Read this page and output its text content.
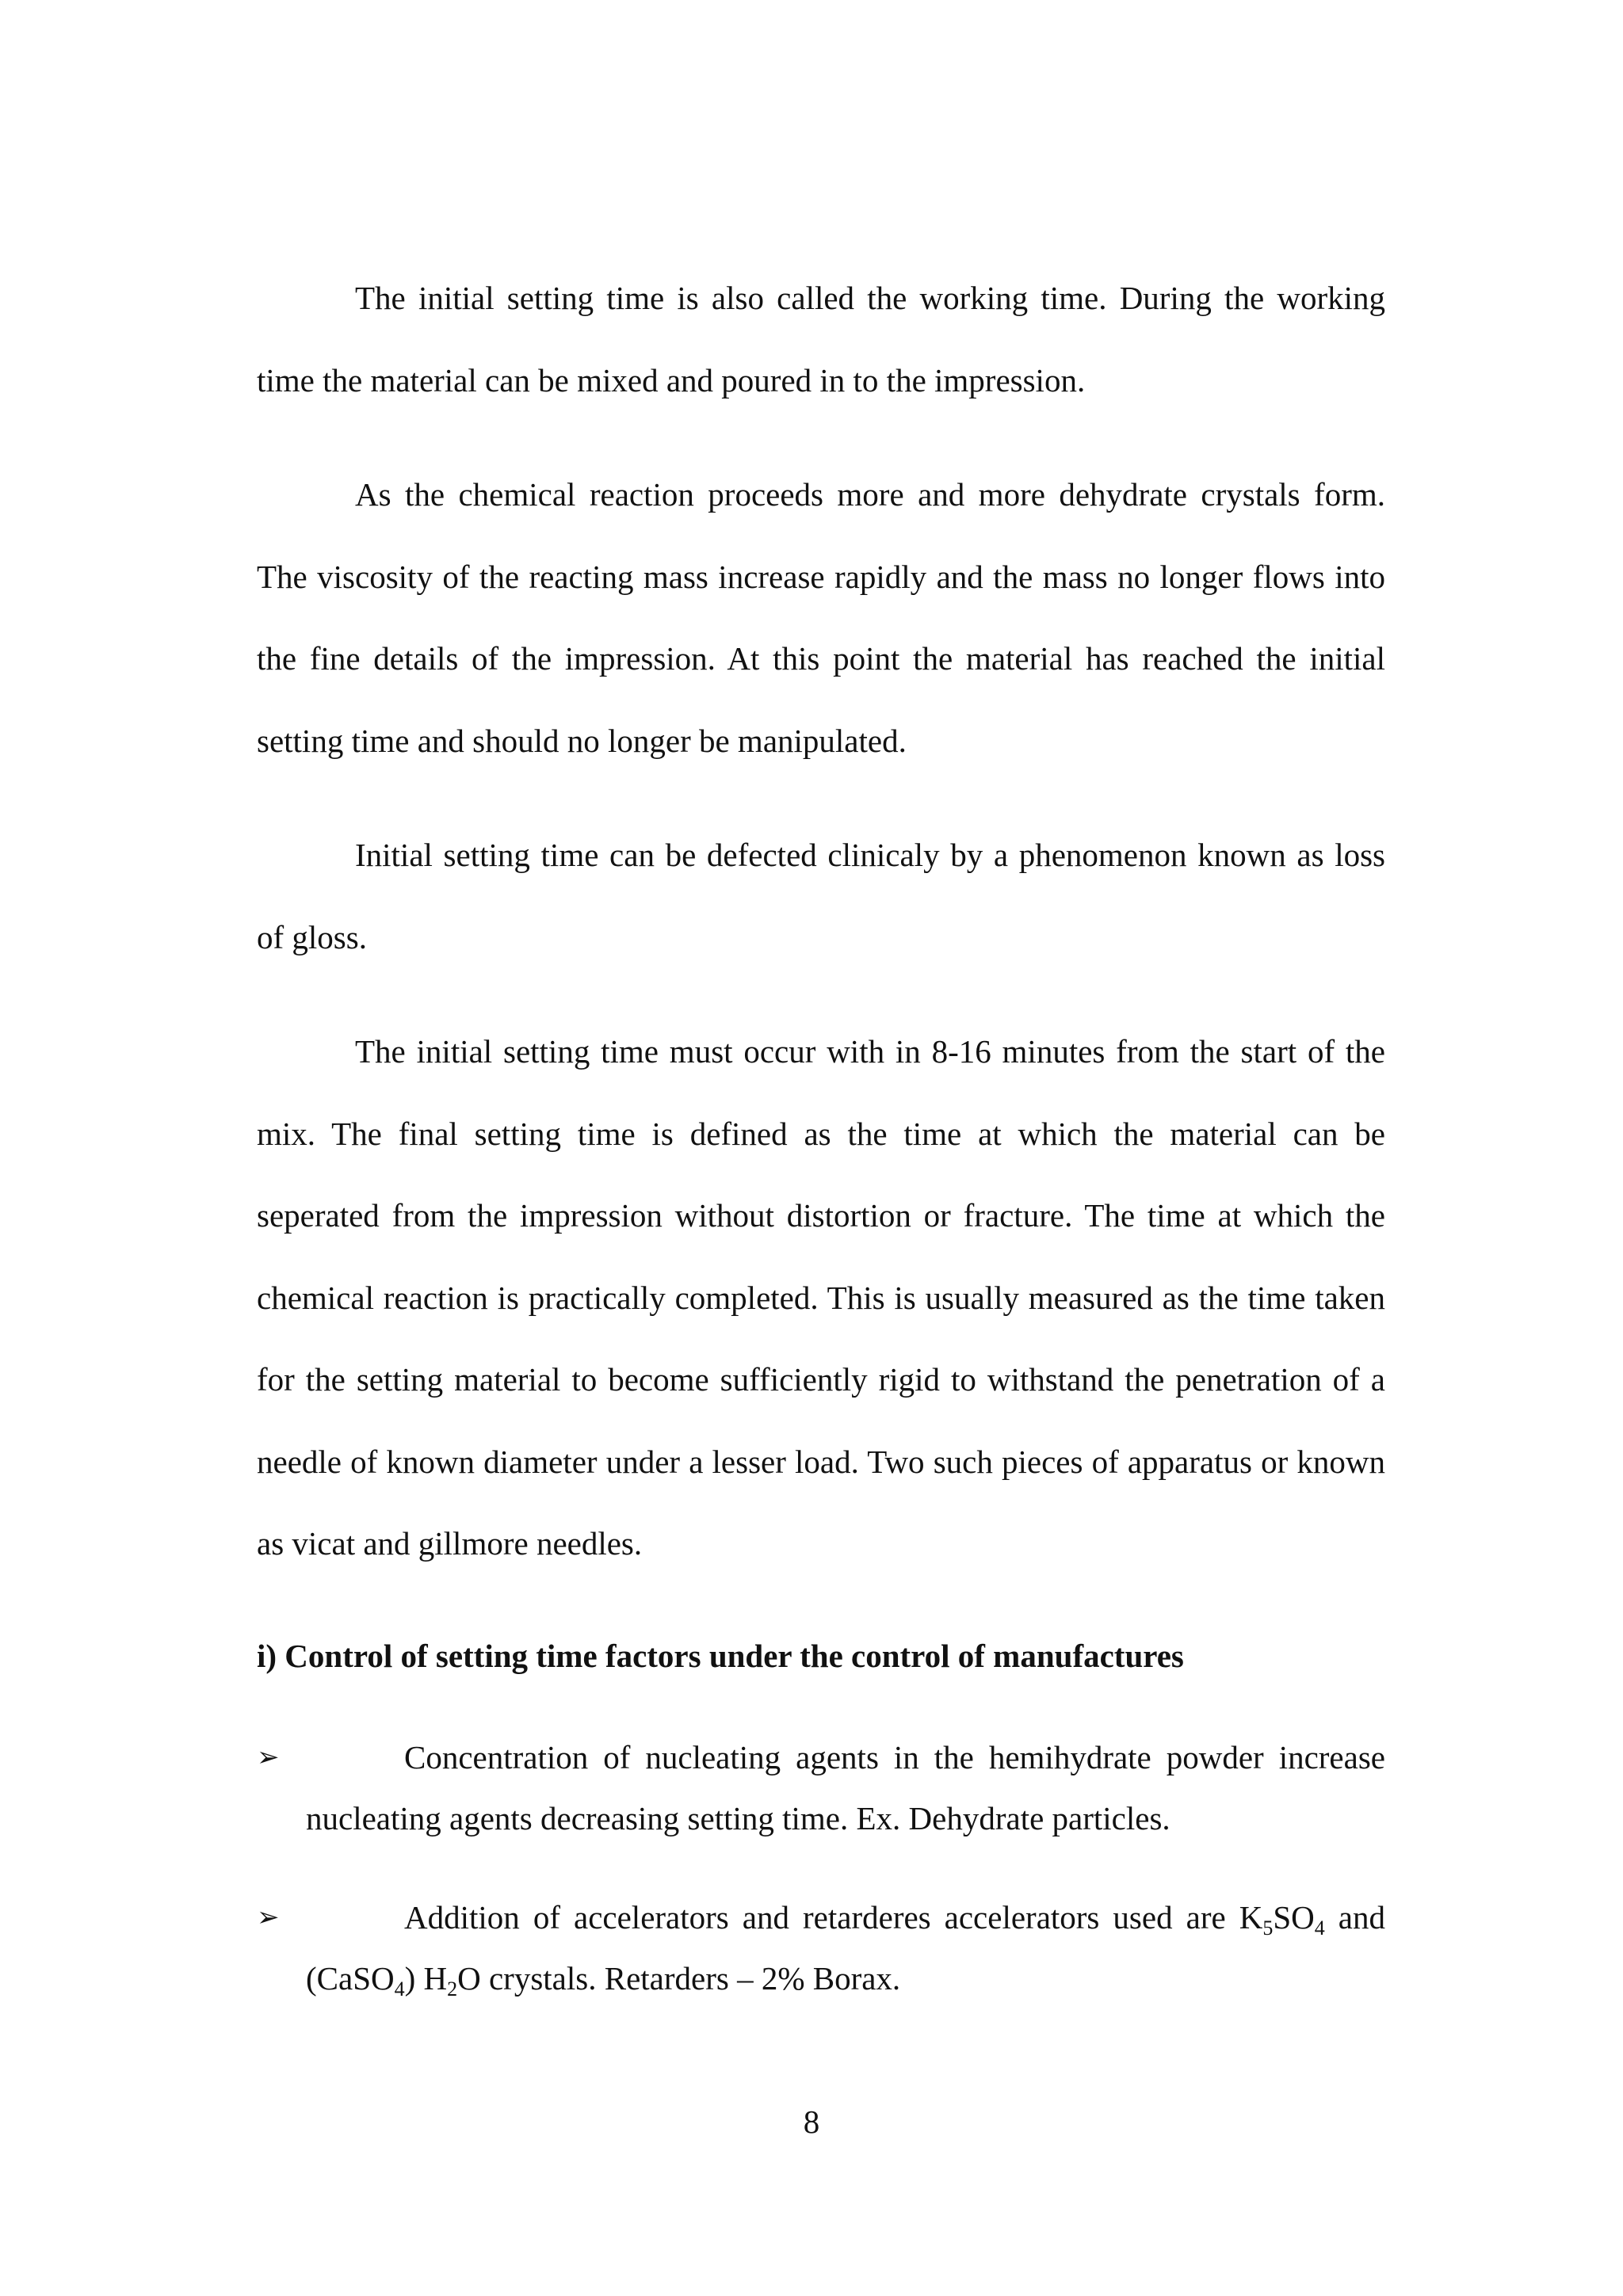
The initial setting time is also called the working time. During the working time the material can be mixed and poured in to the impression.

As the chemical reaction proceeds more and more dehydrate crystals form. The viscosity of the reacting mass increase rapidly and the mass no longer flows into the fine details of the impression. At this point the material has reached the initial setting time and should no longer be manipulated.

Initial setting time can be defected clinicaly by a phenomenon known as loss of gloss.

The initial setting time must occur with in 8-16 minutes from the start of the mix. The final setting time is defined as the time at which the material can be seperated from the impression without distortion or fracture. The time at which the chemical reaction is practically completed. This is usually measured as the time taken for the setting material to become sufficiently rigid to withstand the penetration of a needle of known diameter under a lesser load. Two such pieces of apparatus or known as vicat and gillmore needles.

i) Control of setting time factors under the control of manufactures

➢	Concentration of nucleating agents in the hemihydrate powder increase nucleating agents decreasing setting time. Ex. Dehydrate particles.

➢	Addition of accelerators and retarderes accelerators used are $K_5SO_4$ and (CaSO$_4$) $H_2O$ crystals. Retarders – 2% Borax.

8
